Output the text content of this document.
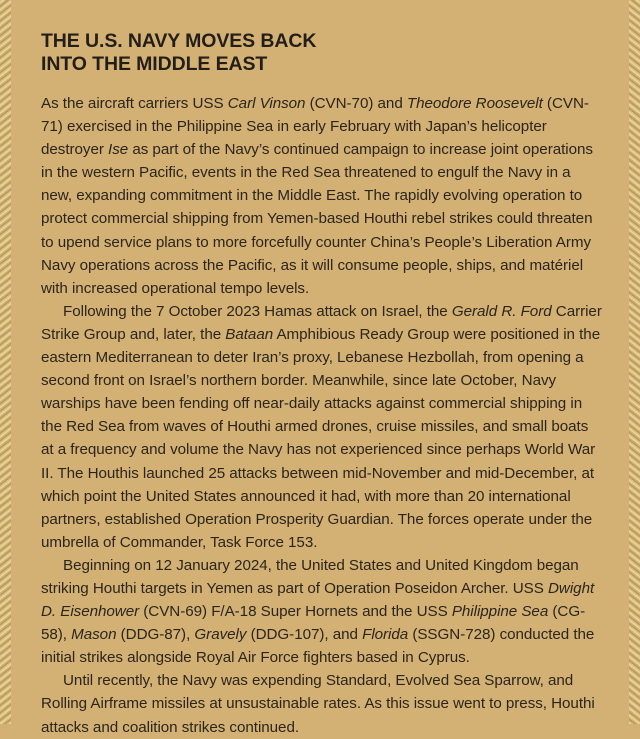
THE U.S. NAVY MOVES BACK
INTO THE MIDDLE EAST

As the aircraft carriers USS Carl Vinson (CVN-70) and Theodore Roosevelt (CVN-71) exercised in the Philippine Sea in early February with Japan’s helicopter destroyer Ise as part of the Navy’s continued campaign to increase joint operations in the western Pacific, events in the Red Sea threatened to engulf the Navy in a new, expanding commitment in the Middle East. The rapidly evolving operation to protect commercial shipping from Yemen-based Houthi rebel strikes could threaten to upend service plans to more forcefully counter China’s People’s Liberation Army Navy operations across the Pacific, as it will consume people, ships, and matériel with increased operational tempo levels.

Following the 7 October 2023 Hamas attack on Israel, the Gerald R. Ford Carrier Strike Group and, later, the Bataan Amphibious Ready Group were positioned in the eastern Mediterranean to deter Iran’s proxy, Lebanese Hezbollah, from opening a second front on Israel’s northern border. Meanwhile, since late October, Navy warships have been fending off near-daily attacks against commercial shipping in the Red Sea from waves of Houthi armed drones, cruise missiles, and small boats at a frequency and volume the Navy has not experienced since perhaps World War II. The Houthis launched 25 attacks between mid-November and mid-December, at which point the United States announced it had, with more than 20 international partners, established Operation Prosperity Guardian. The forces operate under the umbrella of Commander, Task Force 153.

Beginning on 12 January 2024, the United States and United Kingdom began striking Houthi targets in Yemen as part of Operation Poseidon Archer. USS Dwight D. Eisenhower (CVN-69) F/A-18 Super Hornets and the USS Philippine Sea (CG-58), Mason (DDG-87), Gravely (DDG-107), and Florida (SSGN-728) conducted the initial strikes alongside Royal Air Force fighters based in Cyprus.

Until recently, the Navy was expending Standard, Evolved Sea Sparrow, and Rolling Airframe missiles at unsustainable rates. As this issue went to press, Houthi attacks and coalition strikes continued.
